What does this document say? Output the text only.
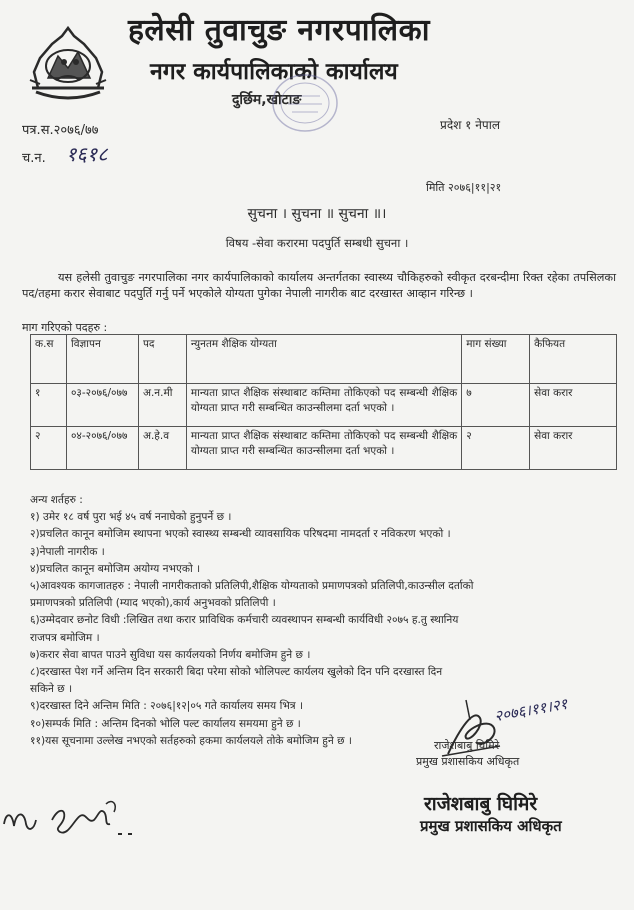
हलेसी तुवाचुङ नगरपालिका
नगर कार्यपालिकाको कार्यालय
दुर्छिम,खोटाङ
पत्र.स.२०७६/७७	प्रदेश १ नेपाल
च.न. १६१८
मिति २०७६|११|२१
सुचना । सुचना ॥ सुचना ॥।
विषय -सेवा करारमा पदपुर्ति सम्बधी सुचना ।
यस हलेसी तुवाचुङ नगरपालिका नगर कार्यपालिकाको कार्यालय अन्तर्गतका स्वास्थ्य चौकिहरुको स्वीकृत दरबन्दीमा रिक्त रहेका तपसिलका पद/तहमा करार सेवाबाट पदपुर्ति गर्नु पर्ने भएकोले योग्यता पुगेका नेपाली नागरीक बाट दरखास्त आव्हान गरिन्छ ।
माग गरिएको पदहरु :
क.स	विज्ञापन	पद	न्युनतम शैक्षिक योग्यता	माग संख्या	कैफियत
१	०३-२०७६/०७७	अ.न.मी	मान्यता प्राप्त शैक्षिक संस्थाबाट कम्तिमा तोकिएको पद सम्बन्धी शैक्षिक योग्यता प्राप्त गरी सम्बन्धित काउन्सीलमा दर्ता भएको ।	७	सेवा करार
२	०४-२०७६/०७७	अ.हे.व	मान्यता प्राप्त शैक्षिक संस्थाबाट कम्तिमा तोकिएको पद सम्बन्धी शैक्षिक योग्यता प्राप्त गरी सम्बन्धित काउन्सीलमा दर्ता भएको ।	२	सेवा करार
अन्य शर्तहरु :
१) उमेर १८ वर्ष पुरा भई ४५ वर्ष ननाघेको हुनुपर्ने छ ।
२)प्रचलित कानून बमोजिम स्थापना भएको स्वास्थ्य सम्बन्धी व्यावसायिक परिषदमा नामदर्ता र नविकरण भएको ।
३)नेपाली नागरीक ।
४)प्रचलित कानून बमोजिम अयोग्य नभएको ।
५)आवश्यक कागजातहरु : नेपाली नागरीकताको प्रतिलिपी,शैक्षिक योग्यताको प्रमाणपत्रको प्रतिलिपी,काउन्सील दर्ताको
प्रमाणपत्रको प्रतिलिपी (म्याद भएको),कार्य अनुभवको प्रतिलिपी ।
६)उम्मेदवार छनोट विधी :लिखित तथा करार प्राविधिक कर्मचारी व्यवस्थापन सम्बन्धी कार्यविधी २०७५ ह.तु स्थानिय
राजपत्र बमोजिम ।
७)करार सेवा बापत पाउने सुविधा यस कार्यलयको निर्णय बमोजिम हुने छ ।
८)दरखास्त पेश गर्ने अन्तिम दिन सरकारी बिदा परेमा सोको भोलिपल्ट कार्यलय खुलेको दिन पनि दरखास्त दिन
सकिने छ ।
९)दरखास्त दिने अन्तिम मिति : २०७६|१२|०५ गते कार्यालय समय भित्र ।
१०)सम्पर्क मिति : अन्तिम दिनको भोलि पल्ट कार्यालय समयमा हुने छ ।
११)यस सूचनामा उल्लेख नभएको सर्तहरुको हकमा कार्यलयले तोके बमोजिम हुने छ ।
२०७६।११।२१
राजेशबाबु घिमिरे
प्रमुख प्रशासकिय अधिकृत
राजेशबाबु घिमिरे
प्रमुख प्रशासकिय अधिकृत
